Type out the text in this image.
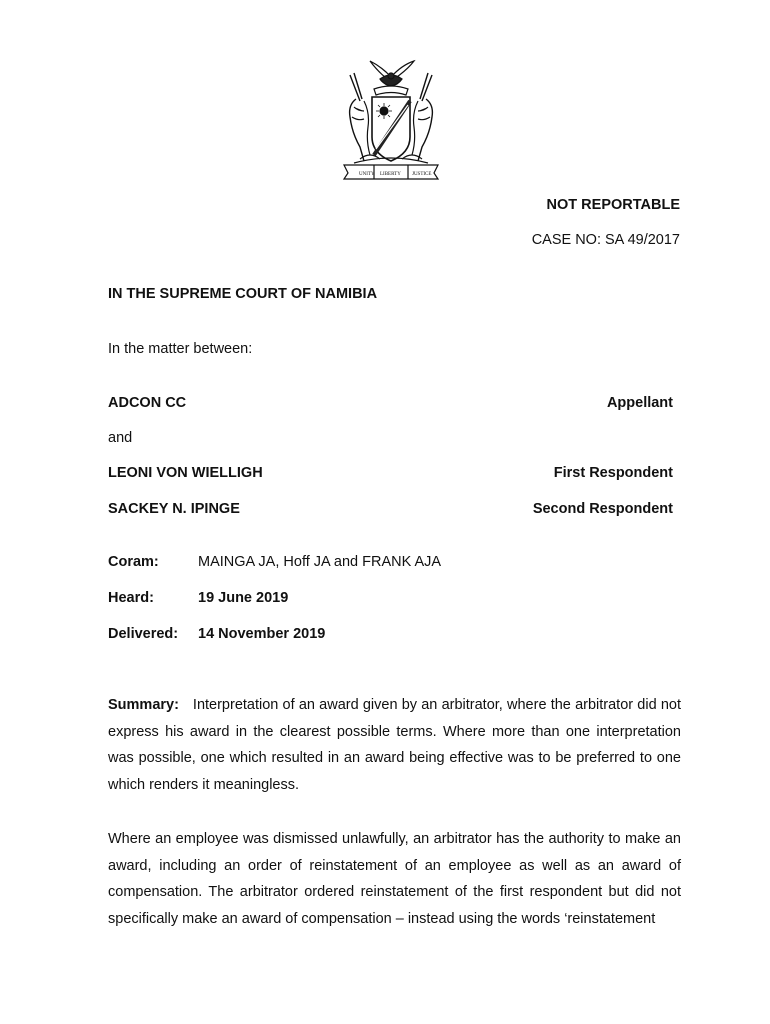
UNITY LIBERTY JUSTICE
NOT REPORTABLE
CASE NO: SA 49/2017
IN THE SUPREME COURT OF NAMIBIA
In the matter between:
ADCON CC	Appellant
and
LEONI VON WIELLIGH	First Respondent
SACKEY N. IPINGE	Second Respondent
Coram:	MAINGA JA, Hoff JA and FRANK AJA
Heard:	19 June 2019
Delivered: 14 November 2019

Summary: Interpretation of an award given by an arbitrator, where the arbitrator did not express his award in the clearest possible terms. Where more than one interpretation was possible, one which resulted in an award being effective was to be preferred to one which renders it meaningless.

Where an employee was dismissed unlawfully, an arbitrator has the authority to make an award, including an order of reinstatement of an employee as well as an award of compensation. The arbitrator ordered reinstatement of the first respondent but did not specifically make an award of compensation – instead using the words ‘reinstatement
